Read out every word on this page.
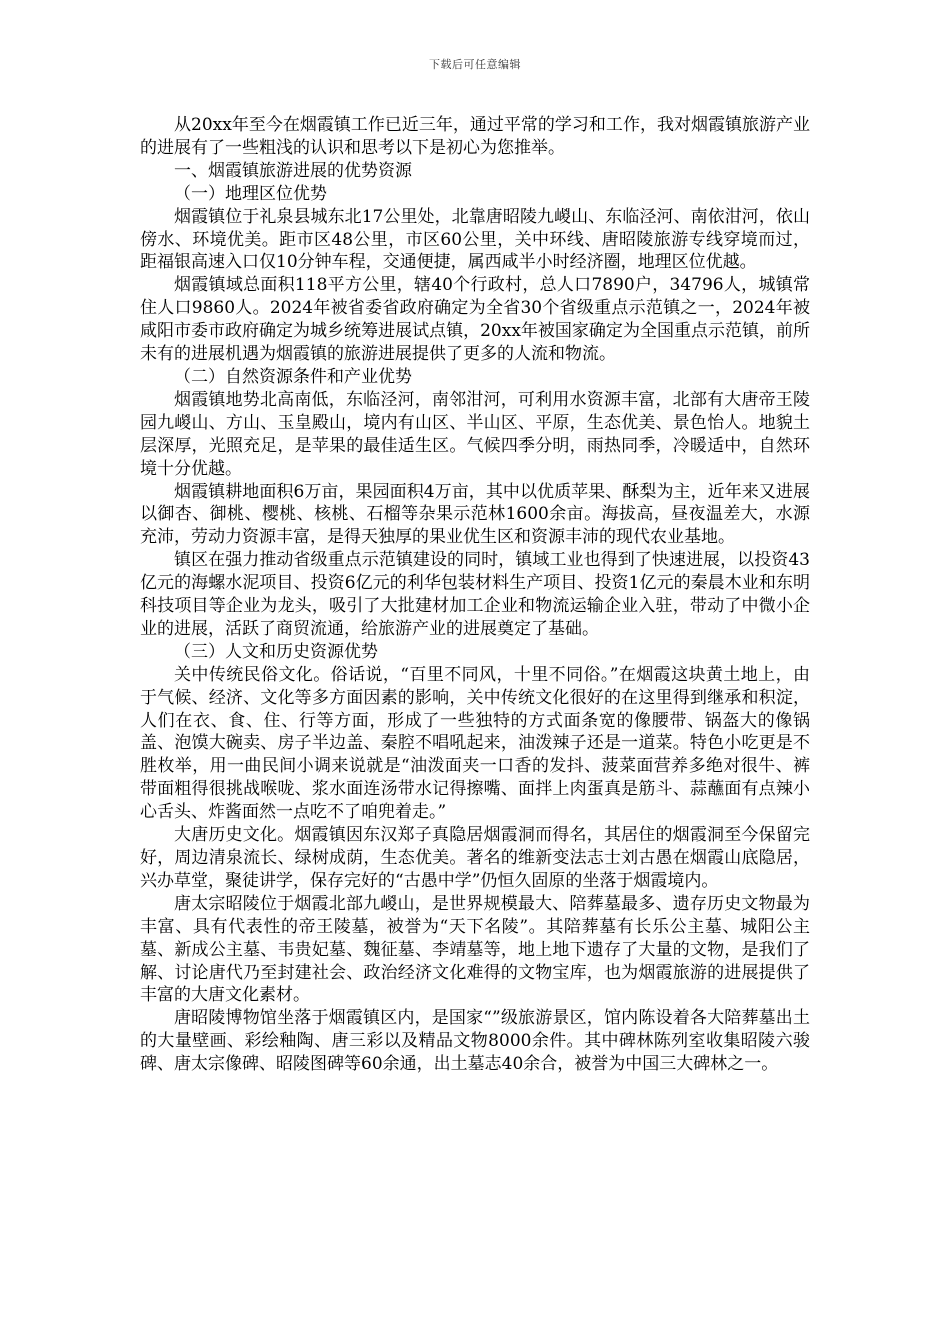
下载后可任意编辑

从20xx年至今在烟霞镇工作已近三年，通过平常的学习和工作，我对烟霞镇旅游产业的进展有了一些粗浅的认识和思考以下是初心为您推举。

一、烟霞镇旅游进展的优势资源

（一）地理区位优势

烟霞镇位于礼泉县城东北17公里处，北靠唐昭陵九嵕山、东临泾河、南依泔河，依山傍水、环境优美。距市区48公里，市区60公里，关中环线、唐昭陵旅游专线穿境而过，距福银高速入口仅10分钟车程，交通便捷，属西咸半小时经济圈，地理区位优越。

烟霞镇域总面积118平方公里，辖40个行政村，总人口7890户，34796人，城镇常住人口9860人。2024年被省委省政府确定为全省30个省级重点示范镇之一，2024年被咸阳市委市政府确定为城乡统筹进展试点镇，20xx年被国家确定为全国重点示范镇，前所未有的进展机遇为烟霞镇的旅游进展提供了更多的人流和物流。

（二）自然资源条件和产业优势

烟霞镇地势北高南低，东临泾河，南邻泔河，可利用水资源丰富，北部有大唐帝王陵园九嵕山、方山、玉皇殿山，境内有山区、半山区、平原，生态优美、景色怡人。地貌土层深厚，光照充足，是苹果的最佳适生区。气候四季分明，雨热同季，冷暖适中，自然环境十分优越。

烟霞镇耕地面积6万亩，果园面积4万亩，其中以优质苹果、酥梨为主，近年来又进展以御杏、御桃、樱桃、核桃、石榴等杂果示范林1600余亩。海拔高，昼夜温差大，水源充沛，劳动力资源丰富，是得天独厚的果业优生区和资源丰沛的现代农业基地。

镇区在强力推动省级重点示范镇建设的同时，镇域工业也得到了快速进展，以投资43亿元的海螺水泥项目、投资6亿元的利华包装材料生产项目、投资1亿元的秦晨木业和东明科技项目等企业为龙头，吸引了大批建材加工企业和物流运输企业入驻，带动了中微小企业的进展，活跃了商贸流通，给旅游产业的进展奠定了基础。

（三）人文和历史资源优势

关中传统民俗文化。俗话说，“百里不同风，十里不同俗。”在烟霞这块黄土地上，由于气候、经济、文化等多方面因素的影响，关中传统文化很好的在这里得到继承和积淀，人们在衣、食、住、行等方面，形成了一些独特的方式面条宽的像腰带、锅盔大的像锅盖、泡馍大碗卖、房子半边盖、秦腔不唱吼起来，油泼辣子还是一道菜。特色小吃更是不胜枚举，用一曲民间小调来说就是“油泼面夹一口香的发抖、菠菜面营养多绝对很牛、裤带面粗得很挑战喉咙、浆水面连汤带水记得擦嘴、面拌上肉蛋真是筋斗、蒜蘸面有点辣小心舌头、炸酱面然一点吃不了咱兜着走。”

大唐历史文化。烟霞镇因东汉郑子真隐居烟霞洞而得名，其居住的烟霞洞至今保留完好，周边清泉流长、绿树成荫，生态优美。著名的维新变法志士刘古愚在烟霞山底隐居，兴办草堂，聚徒讲学，保存完好的“古愚中学”仍恒久固原的坐落于烟霞境内。

唐太宗昭陵位于烟霞北部九嵕山，是世界规模最大、陪葬墓最多、遗存历史文物最为丰富、具有代表性的帝王陵墓，被誉为“天下名陵”。其陪葬墓有长乐公主墓、城阳公主墓、新成公主墓、韦贵妃墓、魏征墓、李靖墓等，地上地下遗存了大量的文物，是我们了解、讨论唐代乃至封建社会、政治经济文化难得的文物宝库，也为烟霞旅游的进展提供了丰富的大唐文化素材。

唐昭陵博物馆坐落于烟霞镇区内，是国家“”级旅游景区，馆内陈设着各大陪葬墓出土的大量壁画、彩绘釉陶、唐三彩以及精品文物8000余件。其中碑林陈列室收集昭陵六骏碑、唐太宗像碑、昭陵图碑等60余通，出土墓志40余合，被誉为中国三大碑林之一。
